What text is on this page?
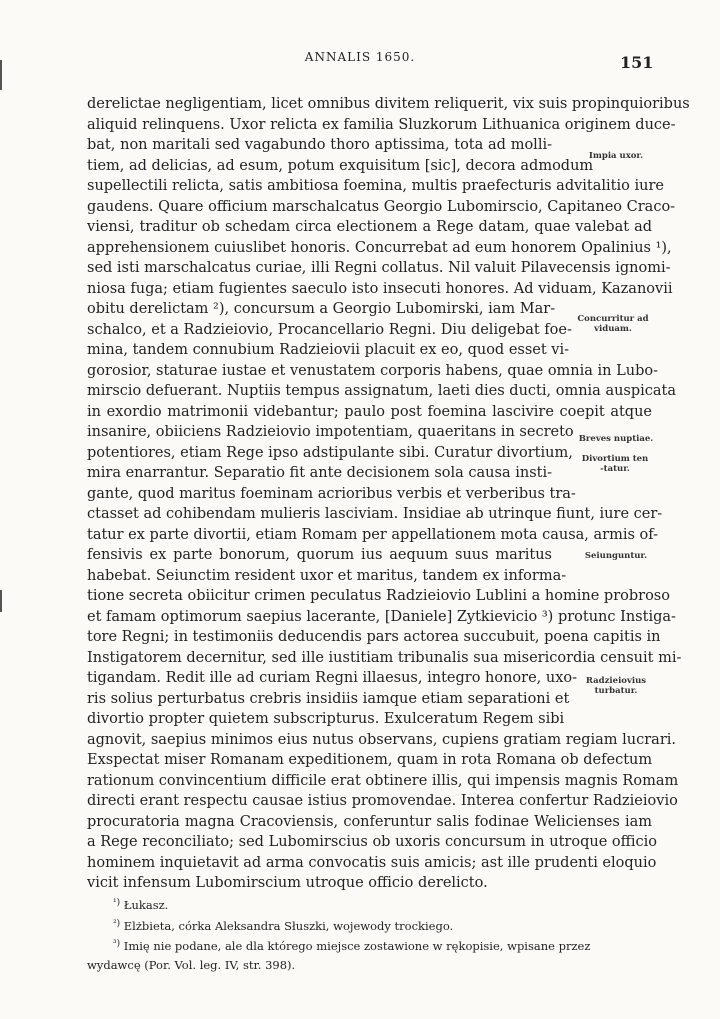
ANNALIS 1650.	151
derelictae negligentiam, licet omnibus divitem reliquerit, vix suis propinquioribus
aliquid relinquens. Uxor relicta ex familia Sluzkorum Lithuanica originem duce-
bat, non maritali sed vagabundo thoro aptissima, tota ad molli-
tiem, ad delicias, ad esum, potum exquisitum [sic], decora admodum
supellectili relicta, satis ambitiosa foemina, multis praefecturis advitalitio iure
gaudens. Quare officium marschalcatus Georgio Lubomirscio, Capitaneo Craco-
viensi, traditur ob schedam circa electionem a Rege datam, quae valebat ad
apprehensionem cuiuslibet honoris. Concurrebat ad eum honorem Opalinius ¹),
sed isti marschalcatus curiae, illi Regni collatus. Nil valuit Pilavecensis ignomi-
niosa fuga; etiam fugientes saeculo isto insecuti honores. Ad viduam, Kazanovii
obitu derelictam ²), concursum a Georgio Lubomirski, iam Mar-
schalco, et a Radzieiovio, Procancellario Regni. Diu deligebat foe-
mina, tandem connubium Radzieiovii placuit ex eo, quod esset vi-
gorosior, staturae iustae et venustatem corporis habens, quae omnia in Lubo-
mirscio defuerant. Nuptiis tempus assignatum, laeti dies ducti, omnia auspicata
in exordio matrimonii videbantur; paulo post foemina lascivire coepit atque
insanire, obiiciens Radzieiovio impotentiam, quaeritans in secreto
potentiores, etiam Rege ipso adstipulante sibi. Curatur divortium,
mira enarrantur. Separatio fit ante decisionem sola causa insti-
gante, quod maritus foeminam acrioribus verbis et verberibus tra-
ctasset ad cohibendam mulieris lasciviam. Insidiae ab utrinque fiunt, iure cer-
tatur ex parte divortii, etiam Romam per appellationem mota causa, armis of-
fensivis ex parte bonorum, quorum ius aequum suus maritus
habebat. Seiunctim resident uxor et maritus, tandem ex informa-
tione secreta obiicitur crimen peculatus Radzieiovio Lublini a homine probroso
et famam optimorum saepius lacerante, [Daniele] Zytkievicio ³) protunc Instiga-
tore Regni; in testimoniis deducendis pars actorea succubuit, poena capitis in
Instigatorem decernitur, sed ille iustitiam tribunalis sua misericordia censuit mi-
tigandam. Redit ille ad curiam Regni illaesus, integro honore, uxo-
ris solius perturbatus crebris insidiis iamque etiam separationi et
divortio propter quietem subscripturus. Exulceratum Regem sibi
agnovit, saepius minimos eius nutus observans, cupiens gratiam regiam lucrari.
Exspectat miser Romanam expeditionem, quam in rota Romana ob defectum
rationum convincentium difficile erat obtinere illis, qui impensis magnis Romam
directi erant respectu causae istius promovendae. Interea confertur Radzieiovio
procuratoria magna Cracoviensis, conferuntur salis fodinae Welicienses iam
a Rege reconciliato; sed Lubomirscius ob uxoris concursum in utroque officio
hominem inquietavit ad arma convocatis suis amicis; ast ille prudenti eloquio
vicit infensum Lubomirscium utroque officio derelicto.
Impia uxor.
Concurritur ad viduam.
Breves nuptiae.
Divortium ten-tatur.
Seiunguntur.
Radzieiovius turbatur.
$^{^1)}$ Łukasz.
$^{^2)}$ Elżbieta, córka Aleksandra Słuszki, wojewody trockiego.
$^{^3)}$ Imię nie podane, ale dla którego miejsce zostawione w rękopisie, wpisane przez
wydawcę (Por. Vol. leg. IV, str. 398).
